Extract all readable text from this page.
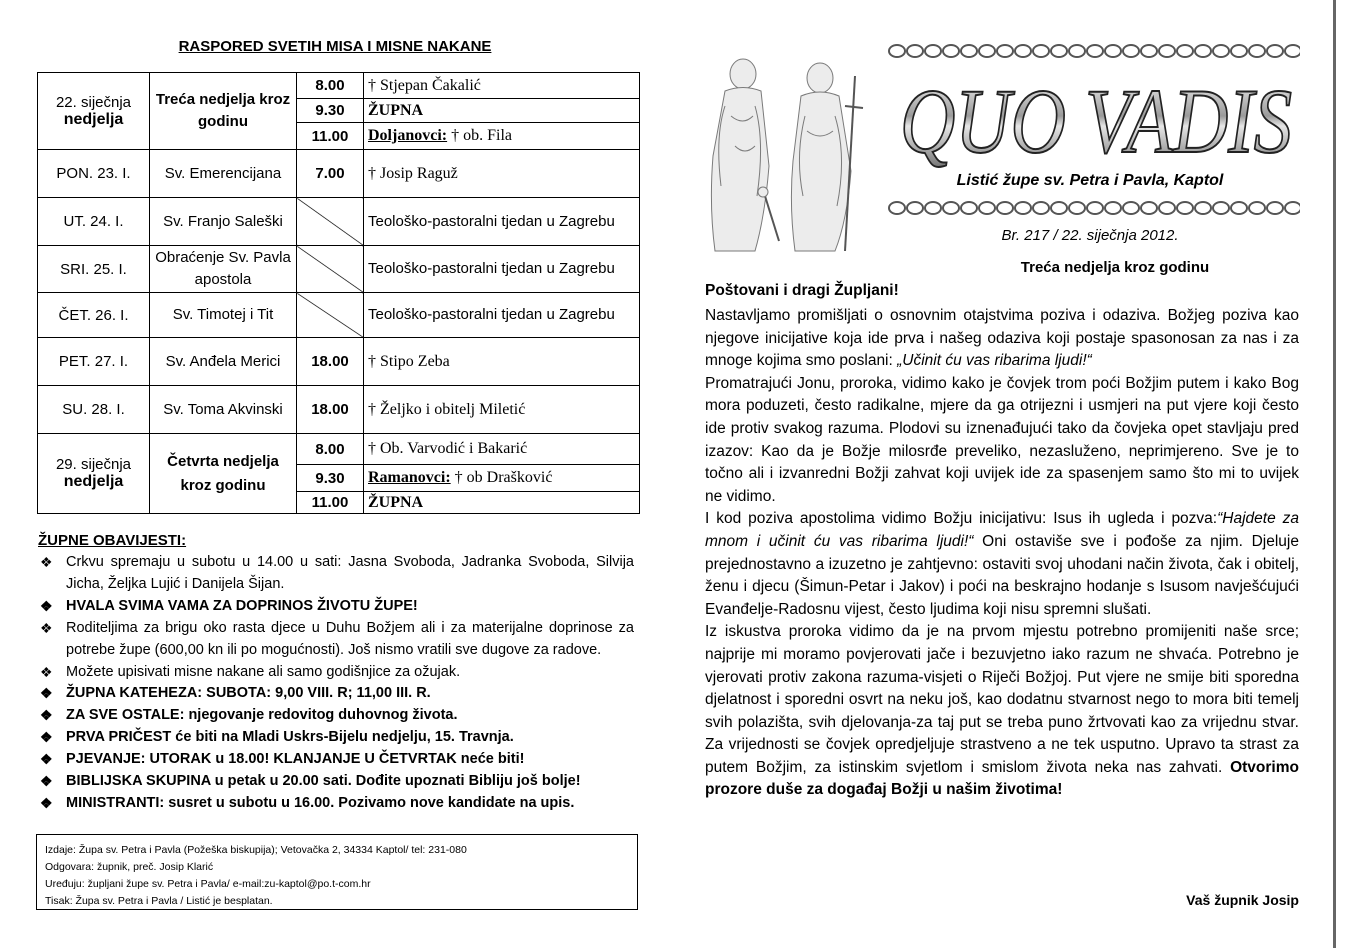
RASPORED SVETIH MISA I MISNE NAKANE
22. siječnja
nedjelja	Treća nedjelja kroz godinu	8.00	† Stjepan Čakalić
		9.30	ŽUPNA
		11.00	Doljanovci: † ob. Fila
PON. 23. I.	Sv. Emerencijana	7.00	† Josip Raguž
UT. 24. I.	Sv. Franjo Saleški		Teološko-pastoralni tjedan u Zagrebu
SRI. 25. I.	Obraćenje Sv. Pavla apostola		Teološko-pastoralni tjedan u Zagrebu
ČET. 26. I.	Sv. Timotej i Tit		Teološko-pastoralni tjedan u Zagrebu
PET. 27. I.	Sv. Anđela Merici	18.00	† Stipo Zeba
SU. 28. I.	Sv. Toma Akvinski	18.00	† Željko i obitelj Miletić
29. siječnja
nedjelja	Četvrta nedjelja kroz godinu	8.00	† Ob. Varvodić i Bakarić
		9.30	Ramanovci: † ob Drašković
		11.00	ŽUPNA
ŽUPNE OBAVIJESTI:
❖ Crkvu spremaju u subotu u 14.00 u sati: Jasna Svoboda, Jadranka Svoboda, Silvija Jicha, Željka Lujić i Danijela Šijan.
❖ HVALA SVIMA VAMA ZA DOPRINOS ŽIVOTU ŽUPE!
❖ Roditeljima za brigu oko rasta djece u Duhu Božjem ali i za materijalne doprinose za potrebe župe (600,00 kn ili po mogućnosti). Još nismo vratili sve dugove za radove.
❖ Možete upisivati misne nakane ali samo godišnjice za ožujak.
❖ ŽUPNA KATEHEZA: SUBOTA: 9,00 VIII. R; 11,00 III. R.
❖ ZA SVE OSTALE: njegovanje redovitog duhovnog života.
❖ PRVA PRIČEST će biti na Mladi Uskrs-Bijelu nedjelju, 15. Travnja.
❖ PJEVANJE: UTORAK u 18.00! KLANJANJE U ČETVRTAK neće biti!
❖ BIBLIJSKA SKUPINA u petak u 20.00 sati. Dođite upoznati Bibliju još bolje!
❖ MINISTRANTI: susret u subotu u 16.00. Pozivamo nove kandidate na upis.
Izdaje: Župa sv. Petra i Pavla (Požeška biskupija); Vetovačka 2, 34334 Kaptol/ tel: 231-080
Odgovara: župnik, preč. Josip Klarić
Uređuju: župljani župe sv. Petra i Pavla/ e-mail:zu-kaptol@po.t-com.hr
Tisak: Župa sv. Petra i Pavla / Listić je besplatan.
QUO VADIS
Listić župe sv. Petra i Pavla, Kaptol
Br. 217 / 22. siječnja 2012.
Treća nedjelja kroz godinu
Poštovani i dragi Župljani!

Nastavljamo promišljati o osnovnim otajstvima poziva i odaziva. Božjeg poziva kao njegove inicijative koja ide prva i našeg odaziva koji postaje spasonosan za nas i za mnoge kojima smo poslani: „Učinit ću vas ribarima ljudi!“

Promatrajući Jonu, proroka, vidimo kako je čovjek trom poći Božjim putem i kako Bog mora poduzeti, često radikalne, mjere da ga otrijezni i usmjeri na put vjere koji često ide protiv svakog razuma. Plodovi su iznenađujući tako da čovjeka opet stavljaju pred izazov: Kao da je Božje milosrđe preveliko, nezasluženo, neprimjereno. Sve je to točno ali i izvanredni Božji zahvat koji uvijek ide za spasenjem samo što mi to uvijek ne vidimo.

I kod poziva apostolima vidimo Božju inicijativu: Isus ih ugleda i pozva:“Hajdete za mnom i učinit ću vas ribarima ljudi!“ Oni ostaviše sve i pođoše za njim. Djeluje prejednostavno a izuzetno je zahtjevno: ostaviti svoj uhodani način života, čak i obitelj, ženu i djecu (Šimun-Petar i Jakov) i poći na beskrajno hodanje s Isusom navješćujući Evanđelje-Radosnu vijest, često ljudima koji nisu spremni slušati.

Iz iskustva proroka vidimo da je na prvom mjestu potrebno promijeniti naše srce; najprije mi moramo povjerovati jače i bezuvjetno iako razum ne shvaća. Potrebno je vjerovati protiv zakona razuma-visjeti o Riječi Božjoj. Put vjere ne smije biti sporedna djelatnost i sporedni osvrt na neku još, kao dodatnu stvarnost nego to mora biti temelj svih polazišta, svih djelovanja-za taj put se treba puno žrtvovati kao za vrijednu stvar. Za vrijednosti se čovjek opredjeljuje strastveno a ne tek usputno. Upravo ta strast za putem Božjim, za istinskim svjetlom i smislom života neka nas zahvati. Otvorimo prozore duše za događaj Božji u našim životima!

Vaš župnik Josip
